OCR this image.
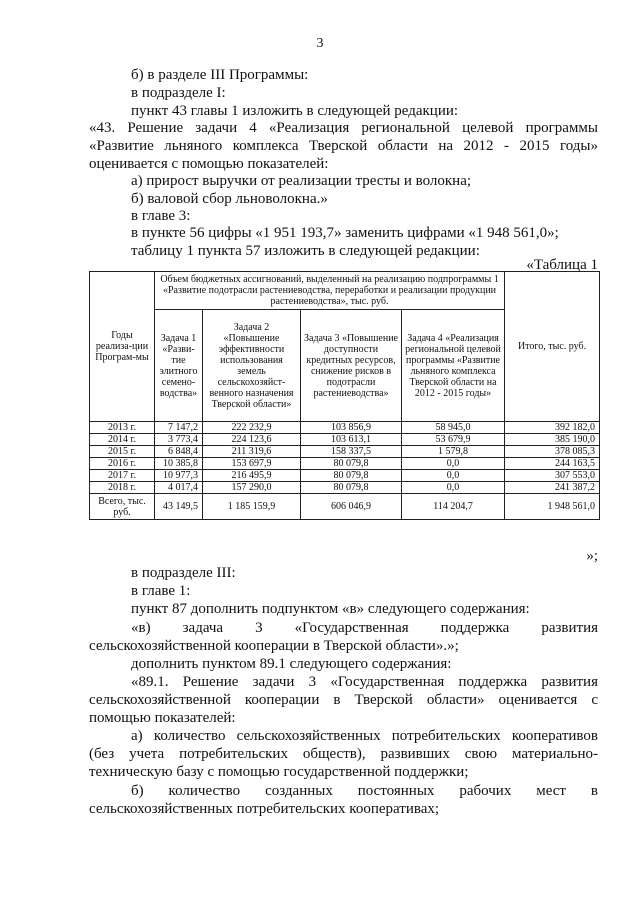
3
б) в разделе III Программы:
в подразделе I:
пункт 43 главы 1 изложить в следующей редакции:
«43. Решение задачи 4 «Реализация региональной целевой программы
«Развитие льняного комплекса Тверской области на 2012 - 2015 годы»
оценивается с помощью показателей:
а) прирост выручки от реализации тресты и волокна;
б) валовой сбор льноволокна.»
в главе 3:
в пункте 56 цифры «1 951 193,7» заменить цифрами «1 948 561,0»;
таблицу 1 пункта 57 изложить в следующей редакции:
«Таблица 1
Годы реализа-ции Програм-мы	Объем бюджетных ассигнований, выделенный на реализацию подпрограммы 1 «Развитие подотрасли растениеводства, переработки и реализации продукции растениеводства», тыс. руб.				Итого, тыс. руб.
	Задача 1 «Разви-тие элитного семено-водства»	Задача 2 «Повышение эффективности использования земель сельскохозяйст-венного назначения Тверской области»	Задача 3 «Повышение доступности кредитных ресурсов, снижение рисков в подотрасли растениеводства»	Задача 4 «Реализация региональной целевой программы «Развитие льняного комплекса Тверской области на 2012 - 2015 годы»	
2013 г.	7 147,2	222 232,9	103 856,9	58 945,0	392 182,0
2014 г.	3 773,4	224 123,6	103 613,1	53 679,9	385 190,0
2015 г.	6 848,4	211 319,6	158 337,5	1 579,8	378 085,3
2016 г.	10 385,8	153 697,9	80 079,8	0,0	244 163,5
2017 г.	10 977,3	216 495,9	80 079,8	0,0	307 553,0
2018 г.	4 017,4	157 290,0	80 079,8	0,0	241 387,2
Всего, тыс. руб.	43 149,5	1 185 159,9	606 046,9	114 204,7	1 948 561,0
»;
в подразделе III:
в главе 1:
пункт 87 дополнить подпунктом «в» следующего содержания:
«в) задача 3 «Государственная поддержка развития
сельскохозяйственной кооперации в Тверской области».»;
дополнить пунктом 89.1 следующего содержания:
«89.1. Решение задачи 3 «Государственная поддержка развития
сельскохозяйственной кооперации в Тверской области» оценивается с
помощью показателей:
а) количество сельскохозяйственных потребительских кооперативов
(без учета потребительских обществ), развивших свою материально-
техническую базу с помощью государственной поддержки;
б) количество созданных постоянных рабочих мест в
сельскохозяйственных потребительских кооперативах;
